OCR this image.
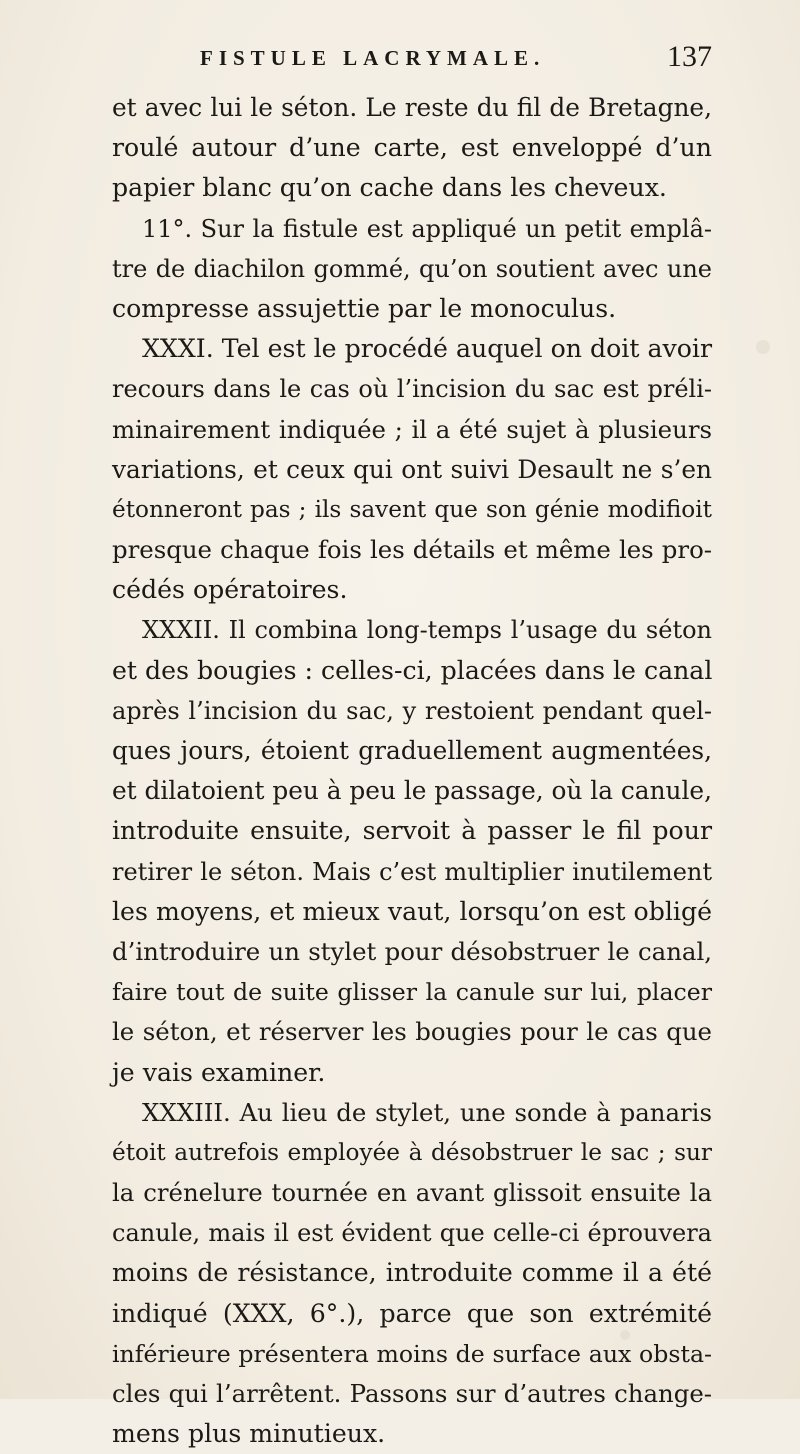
FISTULE LACRYMALE.	137
et avec lui le séton. Le reste du fil de Bretagne,
roulé autour d’une carte, est enveloppé d’un
papier blanc qu’on cache dans les cheveux.
11°. Sur la fistule est appliqué un petit emplâ-
tre de diachilon gommé, qu’on soutient avec une
compresse assujettie par le monoculus.
XXXI. Tel est le procédé auquel on doit avoir
recours dans le cas où l’incision du sac est préli-
minairement indiquée ; il a été sujet à plusieurs
variations, et ceux qui ont suivi Desault ne s’en
étonneront pas ; ils savent que son génie modifioit
presque chaque fois les détails et même les pro-
cédés opératoires.
XXXII. Il combina long-temps l’usage du séton
et des bougies : celles-ci, placées dans le canal
après l’incision du sac, y restoient pendant quel-
ques jours, étoient graduellement augmentées,
et dilatoient peu à peu le passage, où la canule,
introduite ensuite, servoit à passer le fil pour
retirer le séton. Mais c’est multiplier inutilement
les moyens, et mieux vaut, lorsqu’on est obligé
d’introduire un stylet pour désobstruer le canal,
faire tout de suite glisser la canule sur lui, placer
le séton, et réserver les bougies pour le cas que
je vais examiner.
XXXIII. Au lieu de stylet, une sonde à panaris
étoit autrefois employée à désobstruer le sac ; sur
la crénelure tournée en avant glissoit ensuite la
canule, mais il est évident que celle-ci éprouvera
moins de résistance, introduite comme il a été
indiqué (XXX, 6°.), parce que son extrémité
inférieure présentera moins de surface aux obsta-
cles qui l’arrêtent. Passons sur d’autres change-
mens plus minutieux.
